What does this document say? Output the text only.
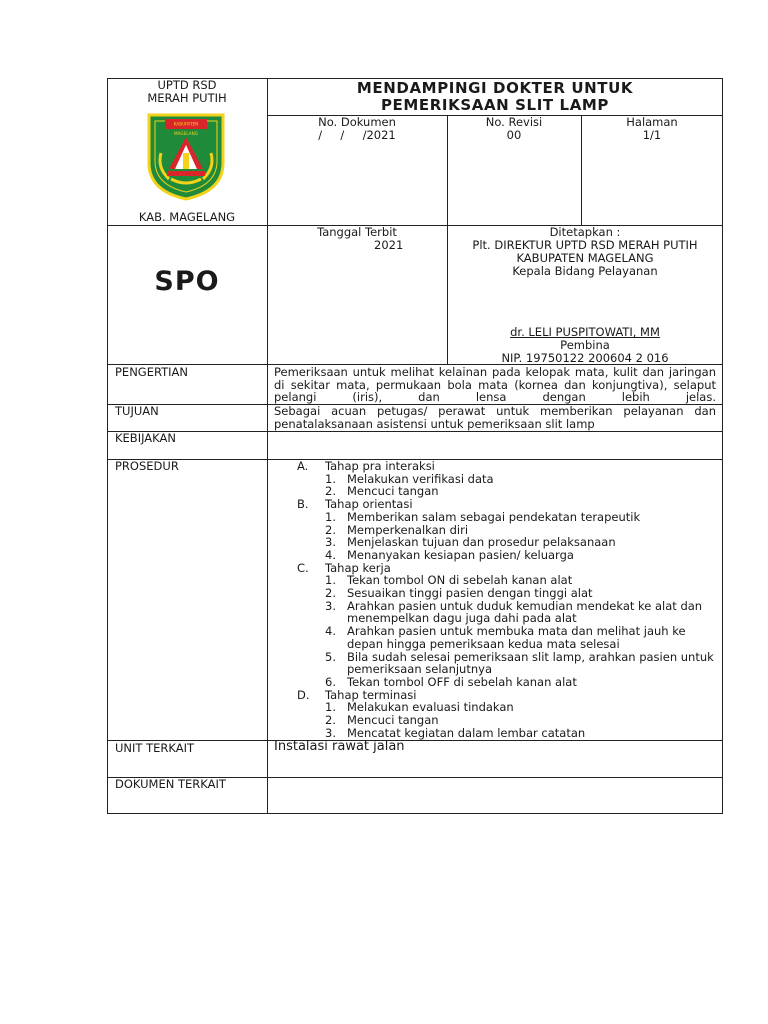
UPTD RSD
MERAH PUTIH
KABUPATEN
MAGELANG
KAB. MAGELANG
MENDAMPINGI DOKTER UNTUK
PEMERIKSAAN SLIT LAMP
No. Dokumen
/     /     /2021
No. Revisi
00
Halaman
1/1
SPO
Tanggal Terbit
2021
Ditetapkan :
Plt. DIREKTUR UPTD RSD MERAH PUTIH
KABUPATEN MAGELANG
Kepala Bidang Pelayanan
dr. LELI PUSPITOWATI, MM
Pembina
NIP. 19750122 200604 2 016
PENGERTIAN	Pemeriksaan untuk melihat kelainan pada kelopak mata, kulit dan jaringan di sekitar mata, permukaan bola mata (kornea dan konjungtiva), selaput pelangi (iris), dan lensa dengan lebih jelas.
TUJUAN	Sebagai acuan petugas/ perawat untuk memberikan pelayanan dan penatalaksanaan asistensi untuk pemeriksaan slit lamp
KEBIJAKAN
PROSEDUR	A. Tahap pra interaksi
1. Melakukan verifikasi data
2. Mencuci tangan
B. Tahap orientasi
1. Memberikan salam sebagai pendekatan terapeutik
2. Memperkenalkan diri
3. Menjelaskan tujuan dan prosedur pelaksanaan
4. Menanyakan kesiapan pasien/ keluarga
C. Tahap kerja
1. Tekan tombol ON di sebelah kanan alat
2. Sesuaikan tinggi pasien dengan tinggi alat
3. Arahkan pasien untuk duduk kemudian mendekat ke alat dan menempelkan dagu juga dahi pada alat
4. Arahkan pasien untuk membuka mata dan melihat jauh ke depan hingga pemeriksaan kedua mata selesai
5. Bila sudah selesai pemeriksaan slit lamp, arahkan pasien untuk pemeriksaan selanjutnya
6. Tekan tombol OFF di sebelah kanan alat
D. Tahap terminasi
1. Melakukan evaluasi tindakan
2. Mencuci tangan
3. Mencatat kegiatan dalam lembar catatan
UNIT TERKAIT	Instalasi rawat jalan
DOKUMEN TERKAIT
